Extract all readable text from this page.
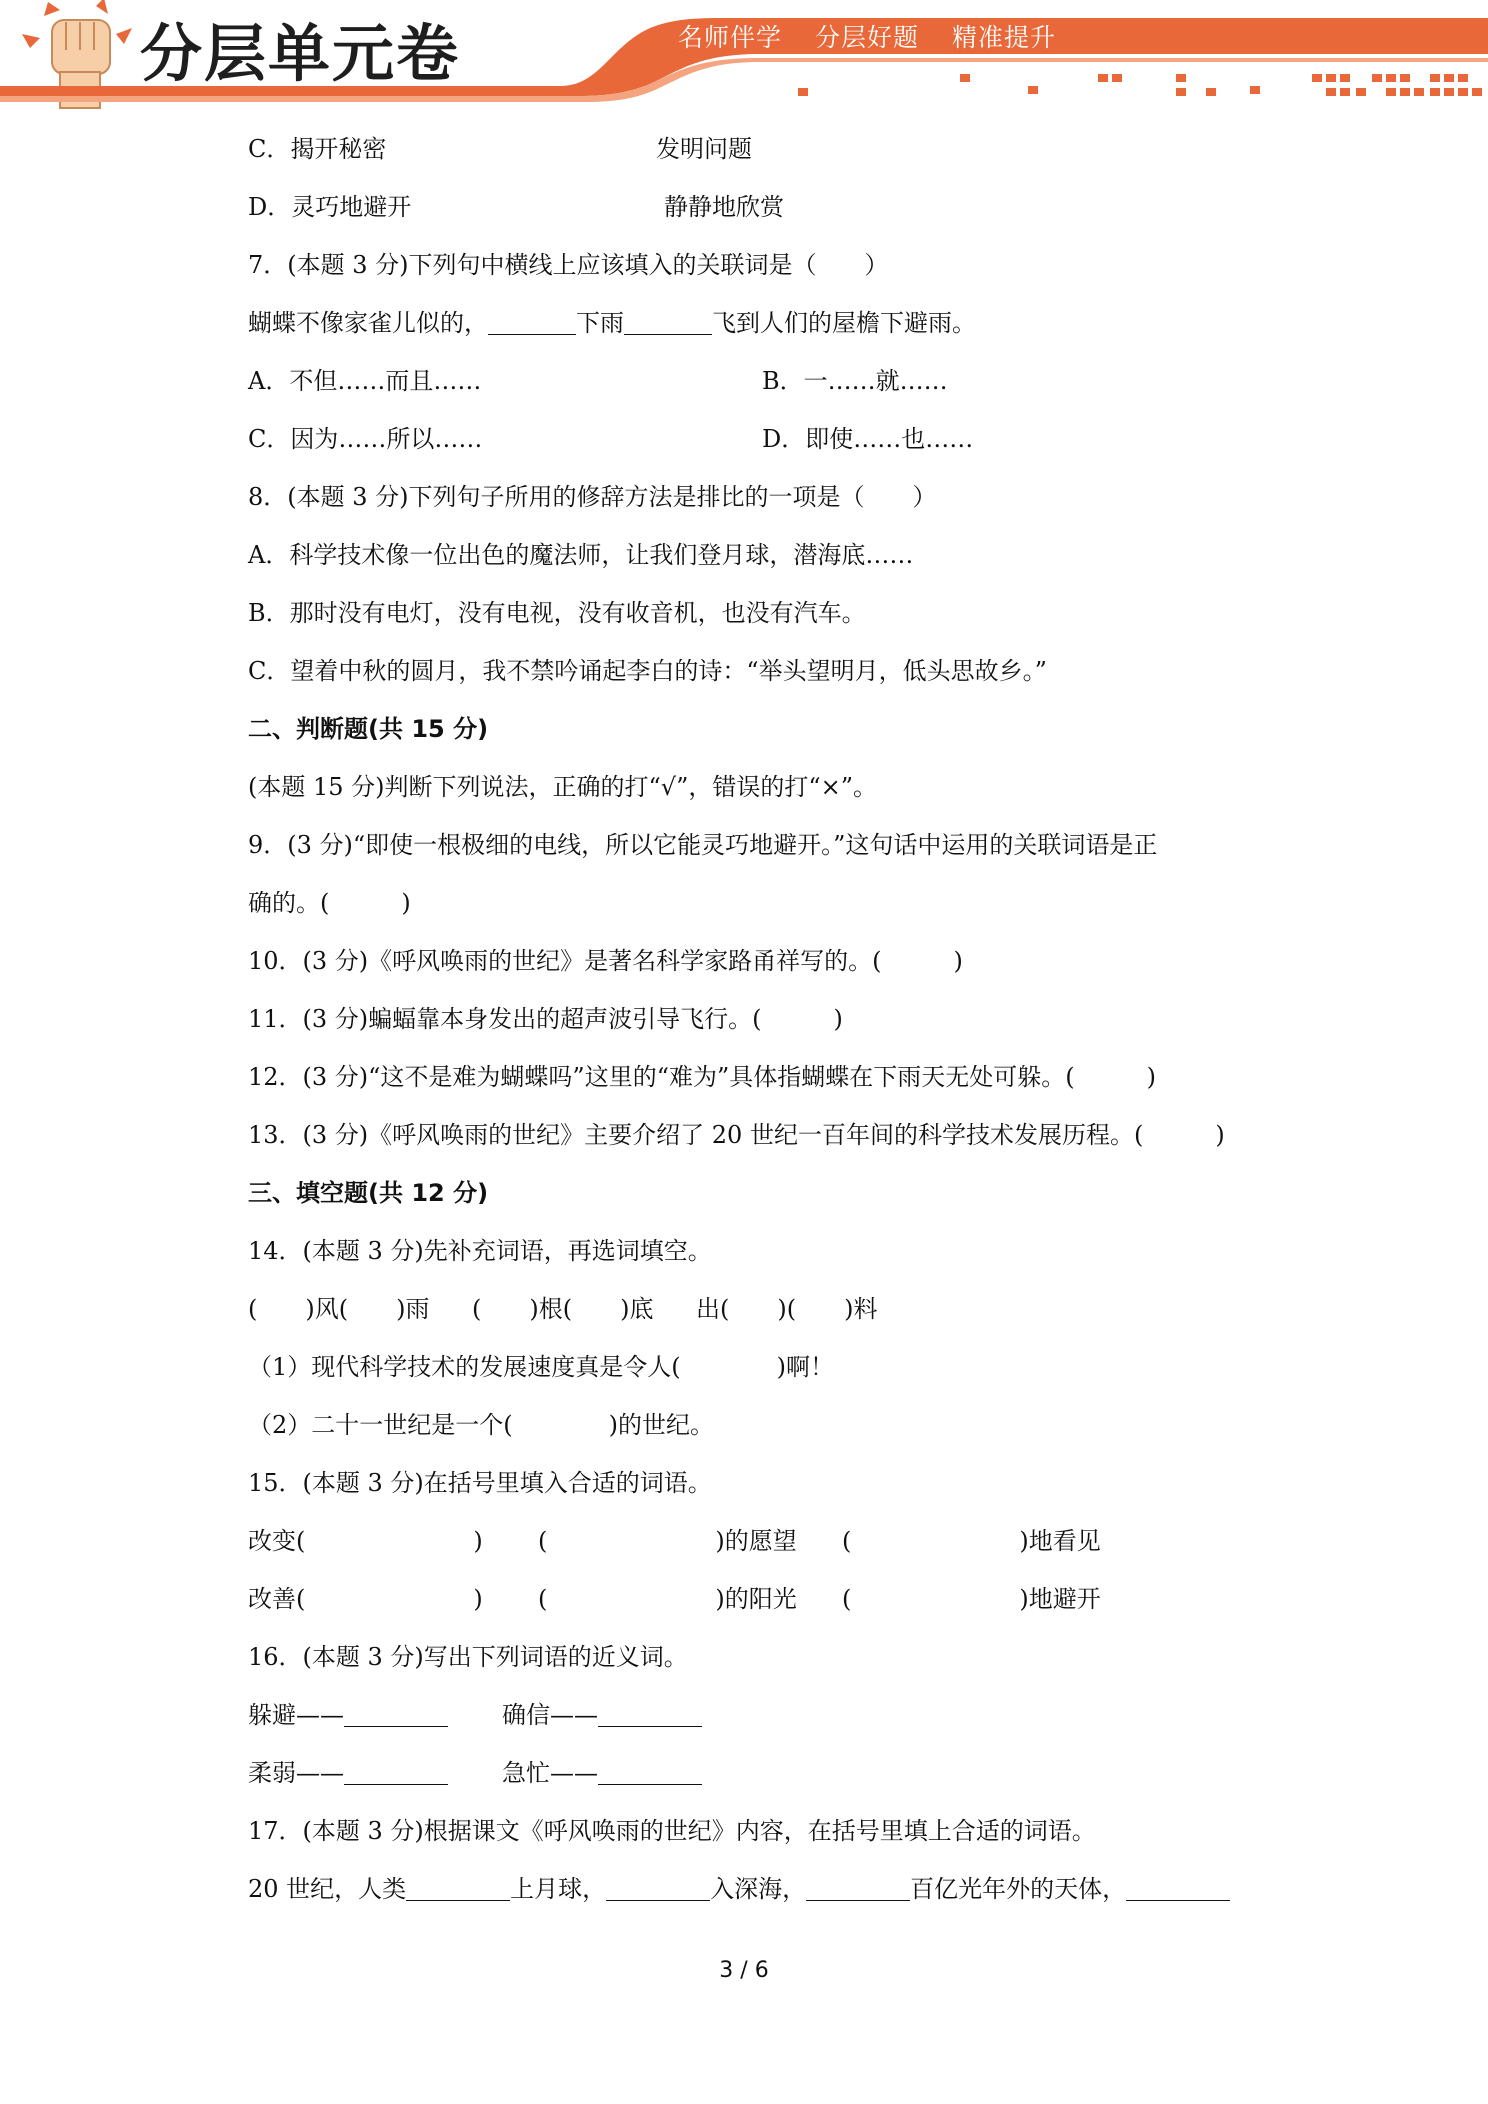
分层单元卷	名师伴学 分层好题 精准提升
C．揭开秘密	发明问题
D．灵巧地避开	静静地欣赏
7．(本题 3 分)下列句中横线上应该填入的关联词是（　　）
蝴蝶不像家雀儿似的，	下雨	飞到人们的屋檐下避雨。
A．不但……而且……	B．一……就……
C．因为……所以……	D．即使……也……
8．(本题 3 分)下列句子所用的修辞方法是排比的一项是（　　）
A．科学技术像一位出色的魔法师，让我们登月球，潜海底……
B．那时没有电灯，没有电视，没有收音机，也没有汽车。
C．望着中秋的圆月，我不禁吟诵起李白的诗：“举头望明月，低头思故乡。”
二、判断题(共 15 分)
(本题 15 分)判断下列说法，正确的打“√”，错误的打“×”。
9．(3 分)“即使一根极细的电线，所以它能灵巧地避开。”这句话中运用的关联词语是正
确的。(　　　)
10．(3 分)《呼风唤雨的世纪》是著名科学家路甬祥写的。(　　　)
11．(3 分)蝙蝠靠本身发出的超声波引导飞行。(　　　)
12．(3 分)“这不是难为蝴蝶吗”这里的“难为”具体指蝴蝶在下雨天无处可躲。(　　　)
13．(3 分)《呼风唤雨的世纪》主要介绍了 20 世纪一百年间的科学技术发展历程。(　　　)
三、填空题(共 12 分)
14．(本题 3 分)先补充词语，再选词填空。
(　　)风(　　)雨 (　　)根(　　)底 出(　　)(　　)料
（1）现代科学技术的发展速度真是令人(　　　　)啊！
（2）二十一世纪是一个(　　　　)的世纪。
15．(本题 3 分)在括号里填入合适的词语。
改变(　　　　　　　) (　　　　　　　)的愿望 (　　　　　　　)地看见
改善(　　　　　　　) (　　　　　　　)的阳光 (　　　　　　　)地避开
16．(本题 3 分)写出下列词语的近义词。
躲避——	确信——
柔弱——	急忙——
17．(本题 3 分)根据课文《呼风唤雨的世纪》内容，在括号里填上合适的词语。
20 世纪，人类	上月球，	入深海，	百亿光年外的天体，
3 / 6
